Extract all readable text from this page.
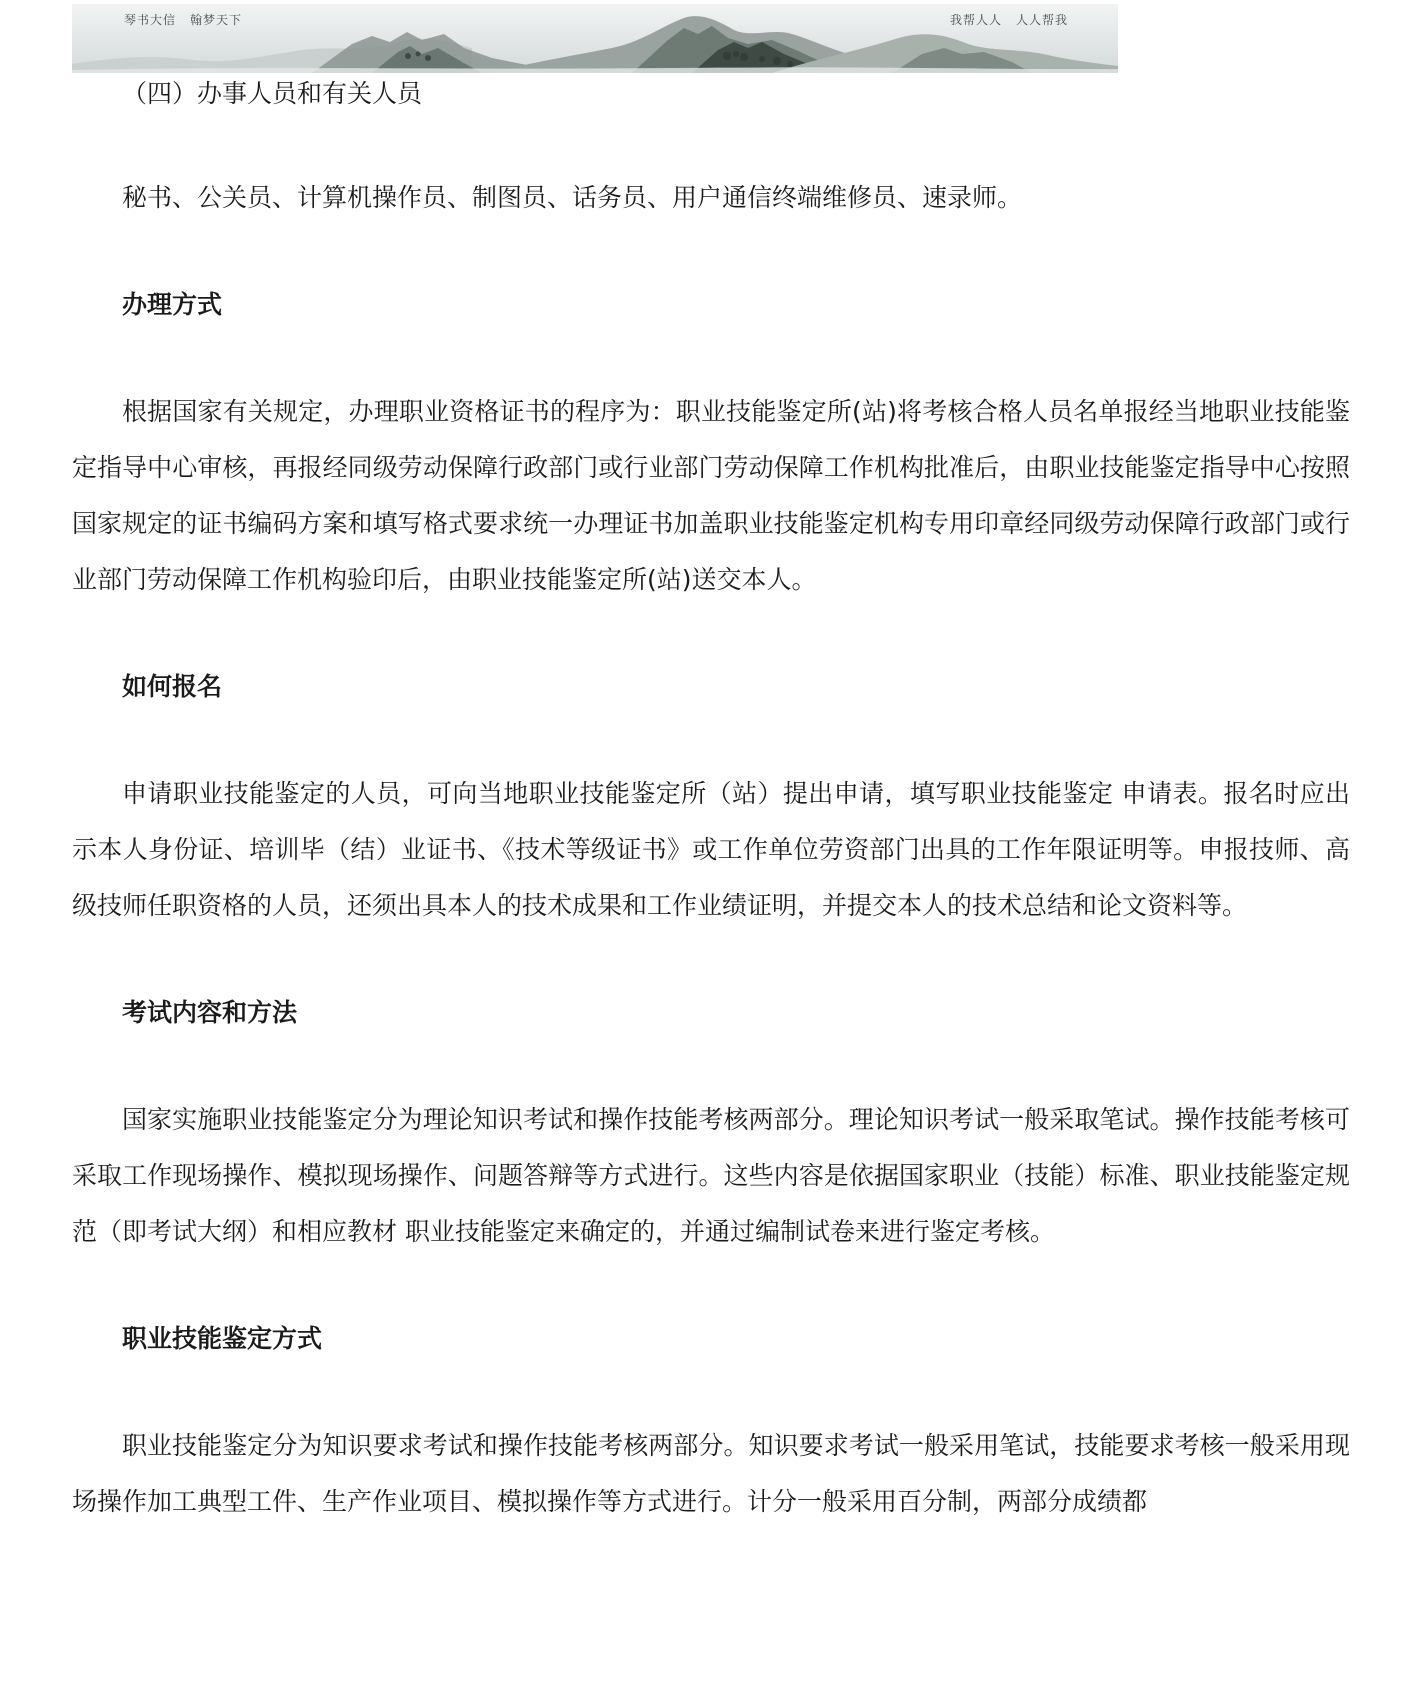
琴书大信 翰梦天下	我帮人人 人人帮我

（四）办事人员和有关人员

秘书、公关员、计算机操作员、制图员、话务员、用户通信终端维修员、速录师。

办理方式

根据国家有关规定，办理职业资格证书的程序为：职业技能鉴定所(站)将考核合格人员名单报经当地职业技能鉴定指导中心审核，再报经同级劳动保障行政部门或行业部门劳动保障工作机构批准后，由职业技能鉴定指导中心按照国家规定的证书编码方案和填写格式要求统一办理证书加盖职业技能鉴定机构专用印章经同级劳动保障行政部门或行业部门劳动保障工作机构验印后，由职业技能鉴定所(站)送交本人。

如何报名

申请职业技能鉴定的人员，可向当地职业技能鉴定所（站）提出申请，填写职业技能鉴定 申请表。报名时应出示本人身份证、培训毕（结）业证书、《技术等级证书》或工作单位劳资部门出具的工作年限证明等。申报技师、高级技师任职资格的人员，还须出具本人的技术成果和工作业绩证明，并提交本人的技术总结和论文资料等。

考试内容和方法

国家实施职业技能鉴定分为理论知识考试和操作技能考核两部分。理论知识考试一般采取笔试。操作技能考核可采取工作现场操作、模拟现场操作、问题答辩等方式进行。这些内容是依据国家职业（技能）标准、职业技能鉴定规范（即考试大纲）和相应教材 职业技能鉴定来确定的，并通过编制试卷来进行鉴定考核。

职业技能鉴定方式

职业技能鉴定分为知识要求考试和操作技能考核两部分。知识要求考试一般采用笔试，技能要求考核一般采用现场操作加工典型工件、生产作业项目、模拟操作等方式进行。计分一般采用百分制，两部分成绩都
